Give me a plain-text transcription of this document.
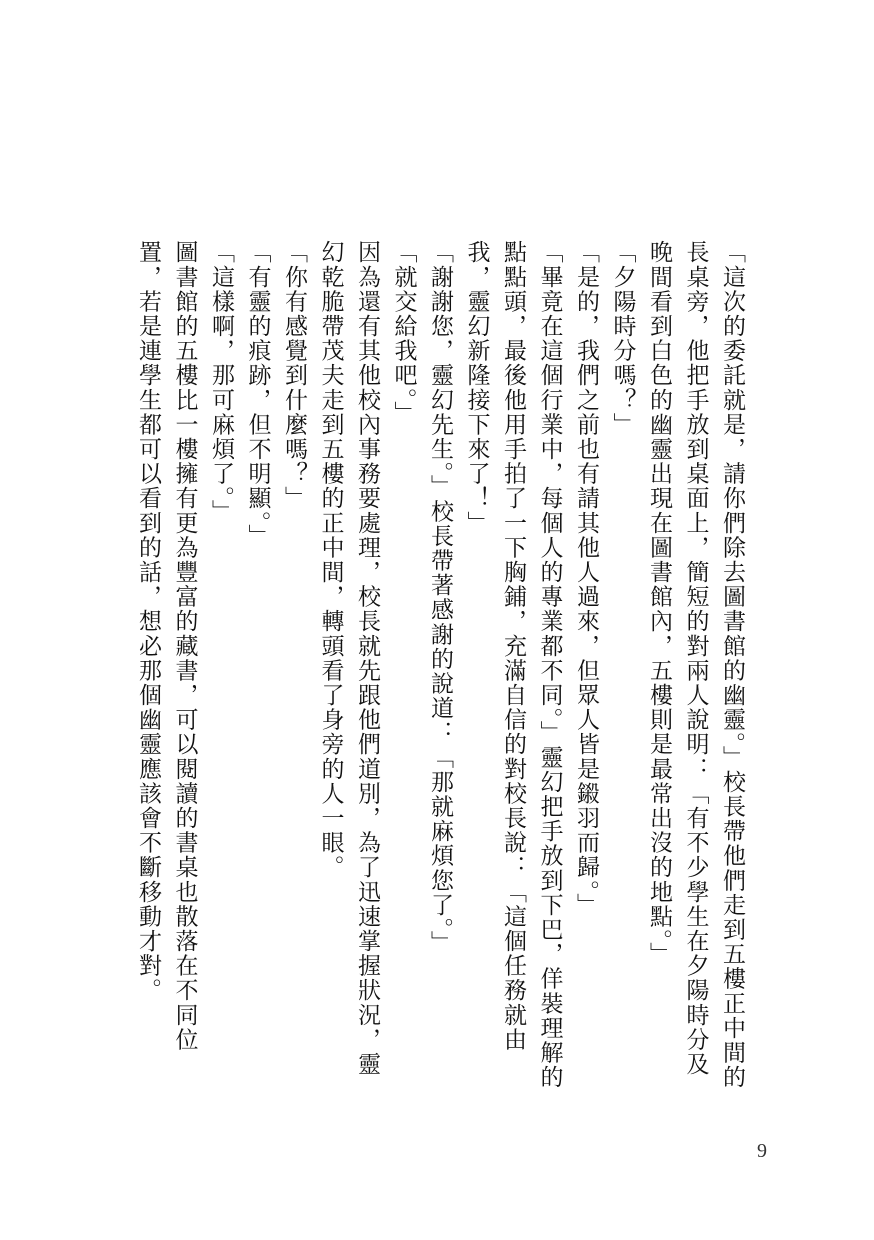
「這次的委託就是，請你們除去圖書館的幽靈。」校長帶他們走到五樓正中間的長桌旁，他把手放到桌面上，簡短的對兩人說明：「有不少學生在夕陽時分及晚間看到白色的幽靈出現在圖書館內，五樓則是最常出沒的地點。」

「夕陽時分嗎？」

「是的，我們之前也有請其他人過來，但眾人皆是鎩羽而歸。」

「畢竟在這個行業中，每個人的專業都不同。」靈幻把手放到下巴，佯裝理解的點點頭，最後他用手拍了一下胸鋪，充滿自信的對校長說：「這個任務就由我，靈幻新隆接下來了！」

「謝謝您，靈幻先生。」校長帶著感謝的說道：「那就麻煩您了。」

「就交給我吧。」

因為還有其他校內事務要處理，校長就先跟他們道別，為了迅速掌握狀況，靈幻乾脆帶茂夫走到五樓的正中間，轉頭看了身旁的人一眼。

「你有感覺到什麼嗎？」

「有靈的痕跡，但不明顯。」

「這樣啊，那可麻煩了。」

圖書館的五樓比一樓擁有更為豐富的藏書，可以閱讀的書桌也散落在不同位置，若是連學生都可以看到的話，想必那個幽靈應該會不斷移動才對。

9
